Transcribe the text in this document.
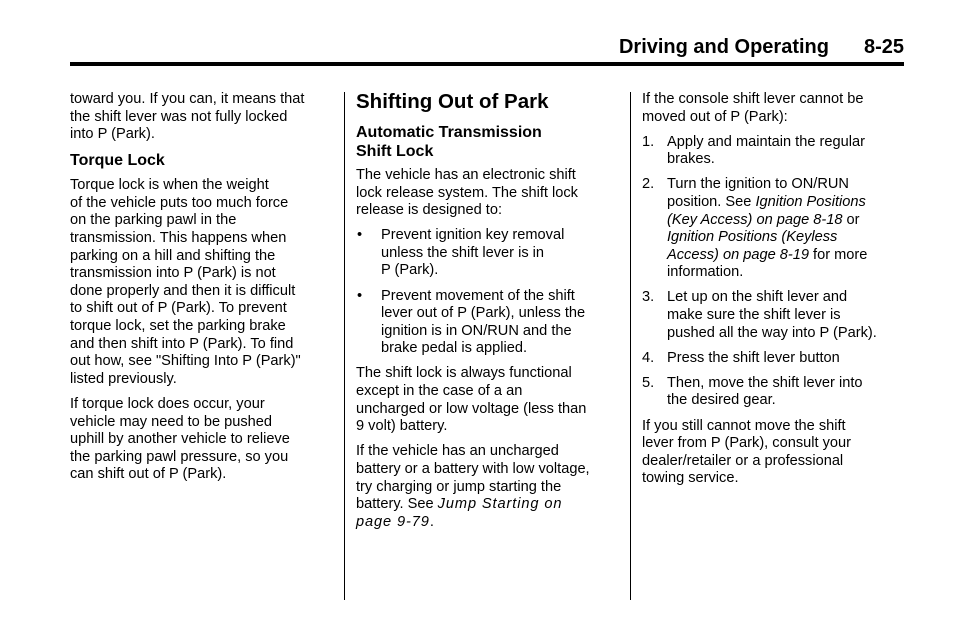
Driving and Operating 8-25

toward you. If you can, it means that
the shift lever was not fully locked
into P (Park).

Torque Lock

Torque lock is when the weight
of the vehicle puts too much force
on the parking pawl in the
transmission. This happens when
parking on a hill and shifting the
transmission into P (Park) is not
done properly and then it is difficult
to shift out of P (Park). To prevent
torque lock, set the parking brake
and then shift into P (Park). To find
out how, see "Shifting Into P (Park)"
listed previously.

If torque lock does occur, your
vehicle may need to be pushed
uphill by another vehicle to relieve
the parking pawl pressure, so you
can shift out of P (Park).

Shifting Out of Park
Automatic Transmission
Shift Lock

The vehicle has an electronic shift
lock release system. The shift lock
release is designed to:

• Prevent ignition key removal
unless the shift lever is in
P (Park).
• Prevent movement of the shift
lever out of P (Park), unless the
ignition is in ON/RUN and the
brake pedal is applied.

The shift lock is always functional
except in the case of a an
uncharged or low voltage (less than
9 volt) battery.

If the vehicle has an uncharged
battery or a battery with low voltage,
try charging or jump starting the
battery. See Jump Starting on
page 9-79.

If the console shift lever cannot be
moved out of P (Park):

1. Apply and maintain the regular
brakes.
2. Turn the ignition to ON/RUN
position. See Ignition Positions
(Key Access) on page 8-18 or
Ignition Positions (Keyless
Access) on page 8-19 for more
information.
3. Let up on the shift lever and
make sure the shift lever is
pushed all the way into P (Park).
4. Press the shift lever button
5. Then, move the shift lever into
the desired gear.

If you still cannot move the shift
lever from P (Park), consult your
dealer/retailer or a professional
towing service.
